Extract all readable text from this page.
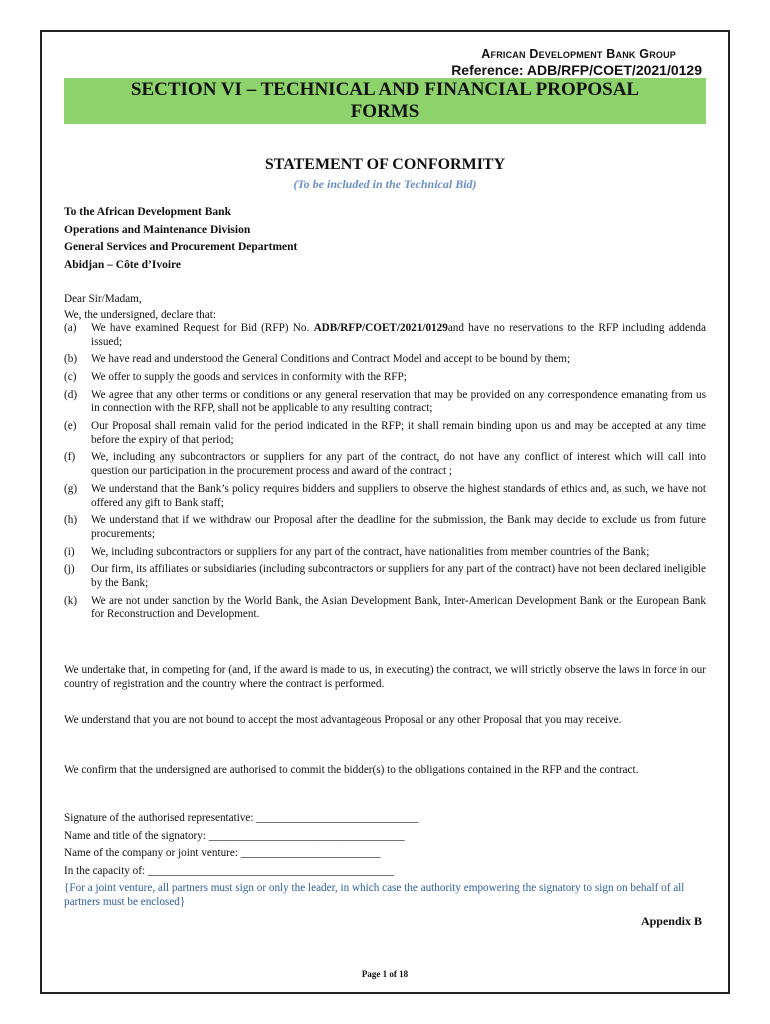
African Development Bank Group
Reference: ADB/RFP/COET/2021/0129
SECTION VI – TECHNICAL AND FINANCIAL PROPOSAL
FORMS
STATEMENT OF CONFORMITY
(To be included in the Technical Bid)
To the African Development Bank
Operations and Maintenance Division
General Services and Procurement Department
Abidjan – Côte d’Ivoire
Dear Sir/Madam,
We, the undersigned, declare that:
(a)	We have examined Request for Bid (RFP) No. ADB/RFP/COET/2021/0129and have no reservations to the RFP including addenda issued;
(b)	We have read and understood the General Conditions and Contract Model and accept to be bound by them;
(c)	We offer to supply the goods and services in conformity with the RFP;
(d)	We agree that any other terms or conditions or any general reservation that may be provided on any correspondence emanating from us in connection with the RFP, shall not be applicable to any resulting contract;
(e)	Our Proposal shall remain valid for the period indicated in the RFP; it shall remain binding upon us and may be accepted at any time before the expiry of that period;
(f)	We, including any subcontractors or suppliers for any part of the contract, do not have any conflict of interest which will call into question our participation in the procurement process and award of the contract ;
(g)	We understand that the Bank’s policy requires bidders and suppliers to observe the highest standards of ethics and, as such, we have not offered any gift to Bank staff;
(h)	We understand that if we withdraw our Proposal after the deadline for the submission, the Bank may decide to exclude us from future procurements;
(i)	We, including subcontractors or suppliers for any part of the contract, have nationalities from member countries of the Bank;
(j)	Our firm, its affiliates or subsidiaries (including subcontractors or suppliers for any part of the contract) have not been declared ineligible by the Bank;
(k)	We are not under sanction by the World Bank, the Asian Development Bank, Inter-American Development Bank or the European Bank for Reconstruction and Development.
We undertake that, in competing for (and, if the award is made to us, in executing) the contract, we will strictly observe the laws in force in our country of registration and the country where the contract is performed.
We understand that you are not bound to accept the most advantageous Proposal or any other Proposal that you may receive.
We confirm that the undersigned are authorised to commit the bidder(s) to the obligations contained in the RFP and the contract.
Signature of the authorised representative: _____________________________
Name and title of the signatory: ___________________________________
Name of the company or joint venture: _________________________
In the capacity of: ____________________________________________
{For a joint venture, all partners must sign or only the leader, in which case the authority empowering the signatory to sign on behalf of all partners must be enclosed}
Appendix B
Page 1 of 18
